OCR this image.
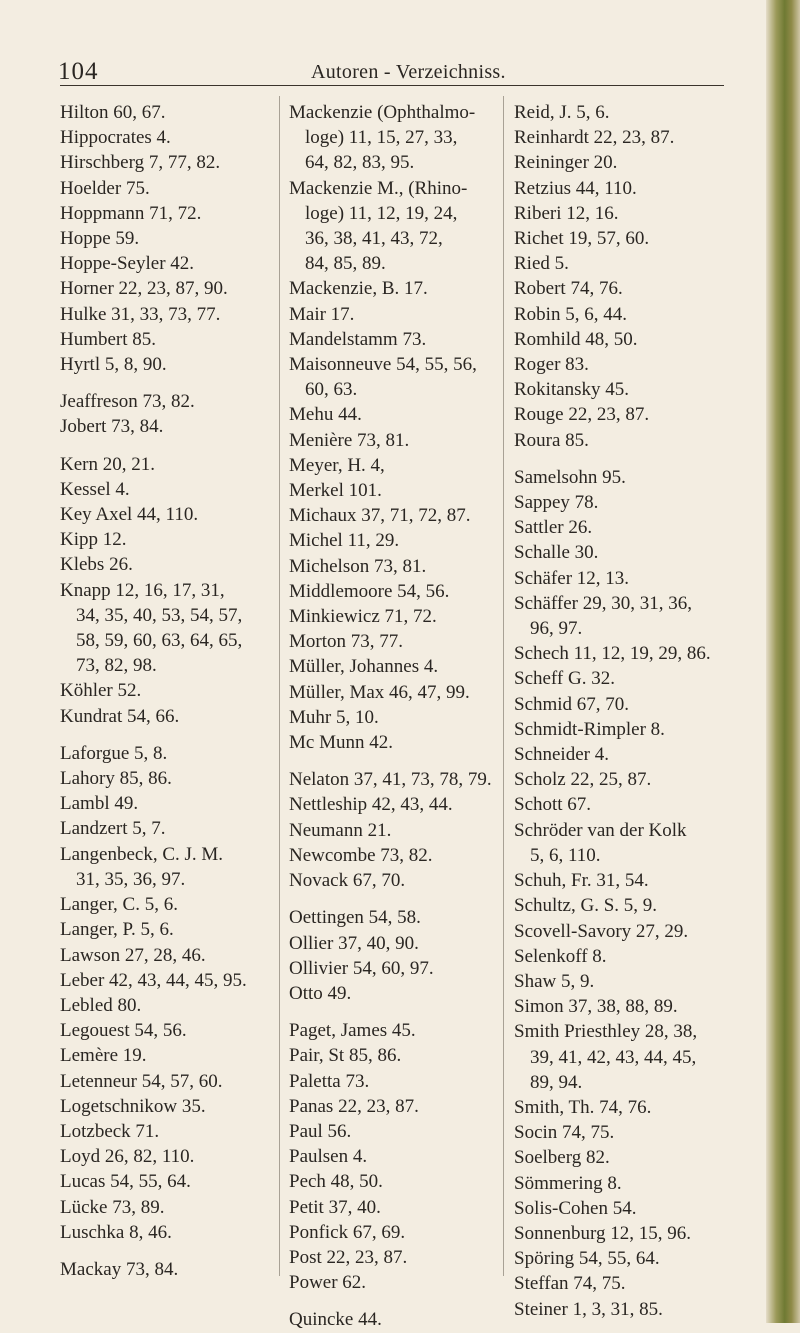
104	Autoren - Verzeichniss.
Hilton 60, 67.
Hippocrates 4.
Hirschberg 7, 77, 82.
Hoelder 75.
Hoppmann 71, 72.
Hoppe 59.
Hoppe-Seyler 42.
Horner 22, 23, 87, 90.
Hulke 31, 33, 73, 77.
Humbert 85.
Hyrtl 5, 8, 90.
Jeaffreson 73, 82.
Jobert 73, 84.
Kern 20, 21.
Kessel 4.
Key Axel 44, 110.
Kipp 12.
Klebs 26.
Knapp 12, 16, 17, 31,
34, 35, 40, 53, 54, 57,
58, 59, 60, 63, 64, 65,
73, 82, 98.
Köhler 52.
Kundrat 54, 66.
Laforgue 5, 8.
Lahory 85, 86.
Lambl 49.
Landzert 5, 7.
Langenbeck, C. J. M.
31, 35, 36, 97.
Langer, C. 5, 6.
Langer, P. 5, 6.
Lawson 27, 28, 46.
Leber 42, 43, 44, 45, 95.
Lebled 80.
Legouest 54, 56.
Lemère 19.
Letenneur 54, 57, 60.
Logetschnikow 35.
Lotzbeck 71.
Loyd 26, 82, 110.
Lucas 54, 55, 64.
Lücke 73, 89.
Luschka 8, 46.
Mackay 73, 84.
Mackenzie (Ophthalmo-
loge) 11, 15, 27, 33,
64, 82, 83, 95.
Mackenzie M., (Rhino-
loge) 11, 12, 19, 24,
36, 38, 41, 43, 72,
84, 85, 89.
Mackenzie, B. 17.
Mair 17.
Mandelstamm 73.
Maisonneuve 54, 55, 56,
60, 63.
Mehu 44.
Menière 73, 81.
Meyer, H. 4,
Merkel 101.
Michaux 37, 71, 72, 87.
Michel 11, 29.
Michelson 73, 81.
Middlemoore 54, 56.
Minkiewicz 71, 72.
Morton 73, 77.
Müller, Johannes 4.
Müller, Max 46, 47, 99.
Muhr 5, 10.
Mc Munn 42.
Nelaton 37, 41, 73, 78, 79.
Nettleship 42, 43, 44.
Neumann 21.
Newcombe 73, 82.
Novack 67, 70.
Oettingen 54, 58.
Ollier 37, 40, 90.
Ollivier 54, 60, 97.
Otto 49.
Paget, James 45.
Pair, St 85, 86.
Paletta 73.
Panas 22, 23, 87.
Paul 56.
Paulsen 4.
Pech 48, 50.
Petit 37, 40.
Ponfick 67, 69.
Post 22, 23, 87.
Power 62.
Quincke 44.
Reid, J. 5, 6.
Reinhardt 22, 23, 87.
Reininger 20.
Retzius 44, 110.
Riberi 12, 16.
Richet 19, 57, 60.
Ried 5.
Robert 74, 76.
Robin 5, 6, 44.
Romhild 48, 50.
Roger 83.
Rokitansky 45.
Rouge 22, 23, 87.
Roura 85.
Samelsohn 95.
Sappey 78.
Sattler 26.
Schalle 30.
Schäfer 12, 13.
Schäffer 29, 30, 31, 36,
96, 97.
Schech 11, 12, 19, 29, 86.
Scheff G. 32.
Schmid 67, 70.
Schmidt-Rimpler 8.
Schneider 4.
Scholz 22, 25, 87.
Schott 67.
Schröder van der Kolk
5, 6, 110.
Schuh, Fr. 31, 54.
Schultz, G. S. 5, 9.
Scovell-Savory 27, 29.
Selenkoff 8.
Shaw 5, 9.
Simon 37, 38, 88, 89.
Smith Priesthley 28, 38,
39, 41, 42, 43, 44, 45,
89, 94.
Smith, Th. 74, 76.
Socin 74, 75.
Soelberg 82.
Sömmering 8.
Solis-Cohen 54.
Sonnenburg 12, 15, 96.
Spöring 54, 55, 64.
Steffan 74, 75.
Steiner 1, 3, 31, 85.
